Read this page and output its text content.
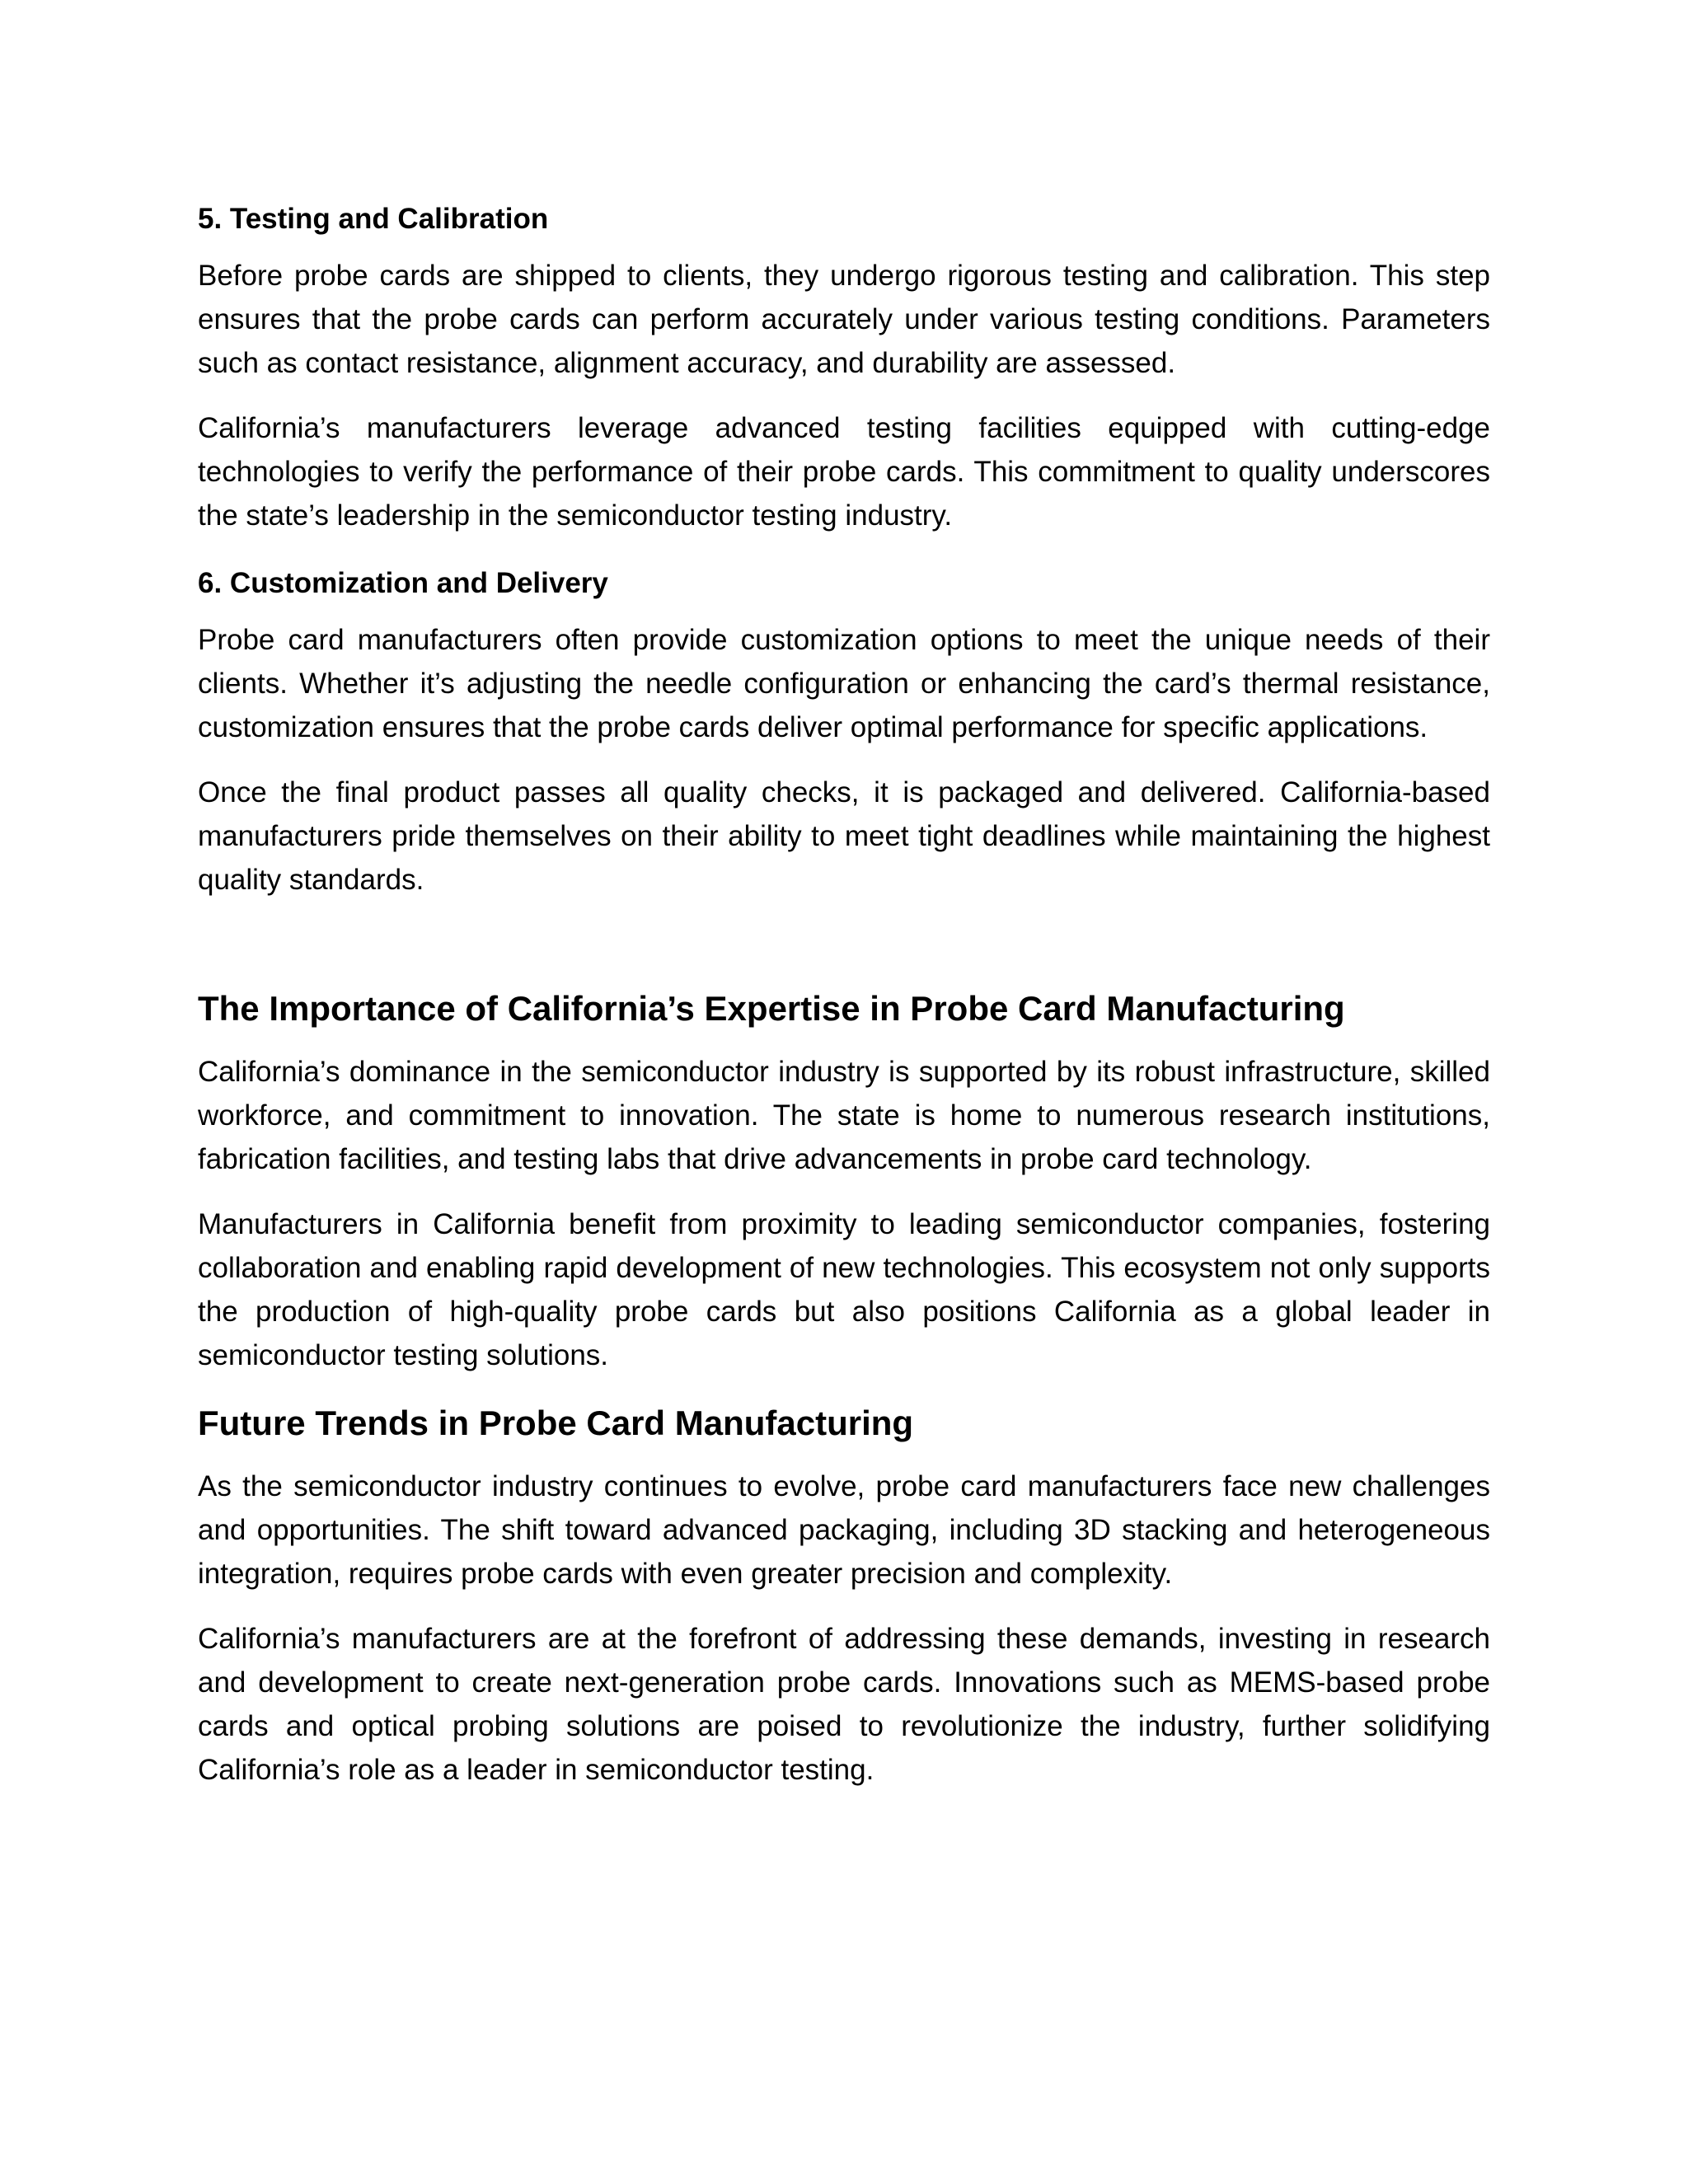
5. Testing and Calibration

Before probe cards are shipped to clients, they undergo rigorous testing and calibration. This step ensures that the probe cards can perform accurately under various testing conditions. Parameters such as contact resistance, alignment accuracy, and durability are assessed.

California’s manufacturers leverage advanced testing facilities equipped with cutting-edge technologies to verify the performance of their probe cards. This commitment to quality underscores the state’s leadership in the semiconductor testing industry.

6. Customization and Delivery

Probe card manufacturers often provide customization options to meet the unique needs of their clients. Whether it’s adjusting the needle configuration or enhancing the card’s thermal resistance, customization ensures that the probe cards deliver optimal performance for specific applications.

Once the final product passes all quality checks, it is packaged and delivered. California-based manufacturers pride themselves on their ability to meet tight deadlines while maintaining the highest quality standards.

The Importance of California’s Expertise in Probe Card Manufacturing

California’s dominance in the semiconductor industry is supported by its robust infrastructure, skilled workforce, and commitment to innovation. The state is home to numerous research institutions, fabrication facilities, and testing labs that drive advancements in probe card technology.

Manufacturers in California benefit from proximity to leading semiconductor companies, fostering collaboration and enabling rapid development of new technologies. This ecosystem not only supports the production of high-quality probe cards but also positions California as a global leader in semiconductor testing solutions.

Future Trends in Probe Card Manufacturing

As the semiconductor industry continues to evolve, probe card manufacturers face new challenges and opportunities. The shift toward advanced packaging, including 3D stacking and heterogeneous integration, requires probe cards with even greater precision and complexity.

California’s manufacturers are at the forefront of addressing these demands, investing in research and development to create next-generation probe cards. Innovations such as MEMS-based probe cards and optical probing solutions are poised to revolutionize the industry, further solidifying California’s role as a leader in semiconductor testing.
